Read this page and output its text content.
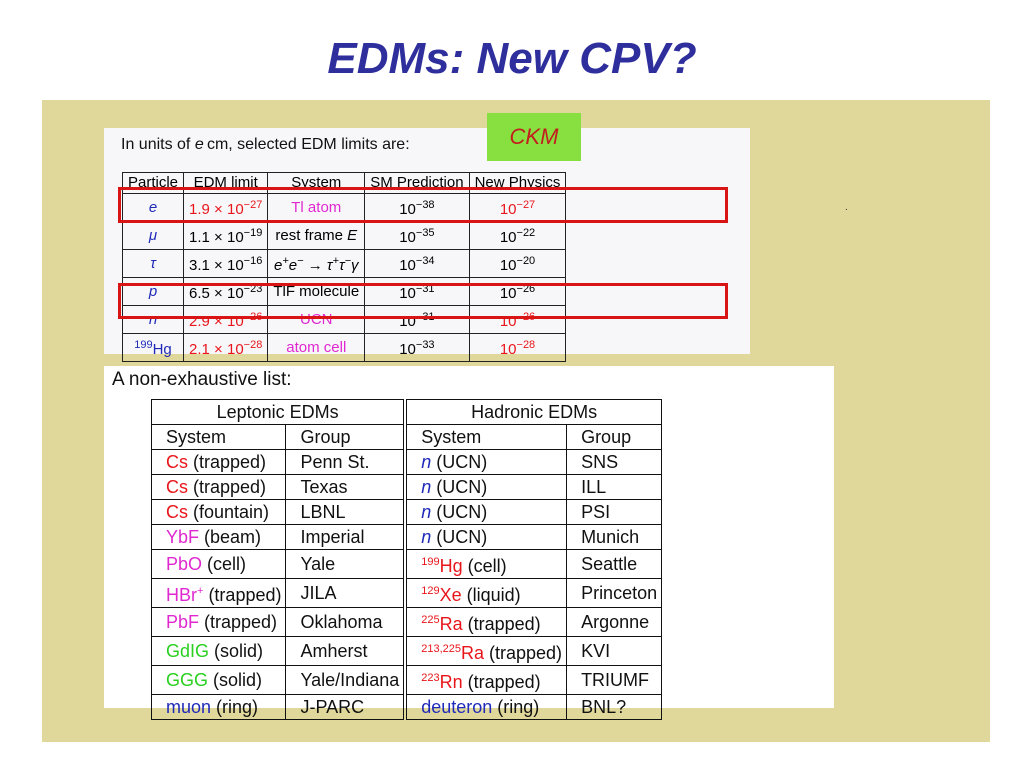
EDMs: New CPV?
In units of e cm, selected EDM limits are:	CKM
Particle	EDM limit	System	SM Prediction	New Physics
e	$1.9 \times 10^{-27}$	Tl atom	$10^{-38}$	$10^{-27}$
μ	$1.1 \times 10^{-19}$	rest frame E	$10^{-35}$	$10^{-22}$
τ	$3.1 \times 10^{-16}$	e+e− → τ+τ−γ	$10^{-34}$	$10^{-20}$
p	$6.5 \times 10^{-23}$	TlF molecule	$10^{-31}$	$10^{-26}$
n	$2.9 \times 10^{-26}$	UCN	$10^{-31}$	$10^{-26}$
$^{199}$Hg	$2.1 \times 10^{-28}$	atom cell	$10^{-33}$	$10^{-28}$
.
A non-exhaustive list:
Leptonic EDMs		Hadronic EDMs	
System	Group	System	Group
Cs (trapped)	Penn St.	n (UCN)	SNS
Cs (trapped)	Texas	n (UCN)	ILL
Cs (fountain)	LBNL	n (UCN)	PSI
YbF (beam)	Imperial	n (UCN)	Munich
PbO (cell)	Yale	$^{199}$Hg (cell)	Seattle
HBr+ (trapped)	JILA	$^{129}$Xe (liquid)	Princeton
PbF (trapped)	Oklahoma	$^{225}$Ra (trapped)	Argonne
GdIG (solid)	Amherst	$^{213,225}$Ra (trapped)	KVI
GGG (solid)	Yale/Indiana	$^{223}$Rn (trapped)	TRIUMF
muon (ring)	J-PARC	deuteron (ring)	BNL?
